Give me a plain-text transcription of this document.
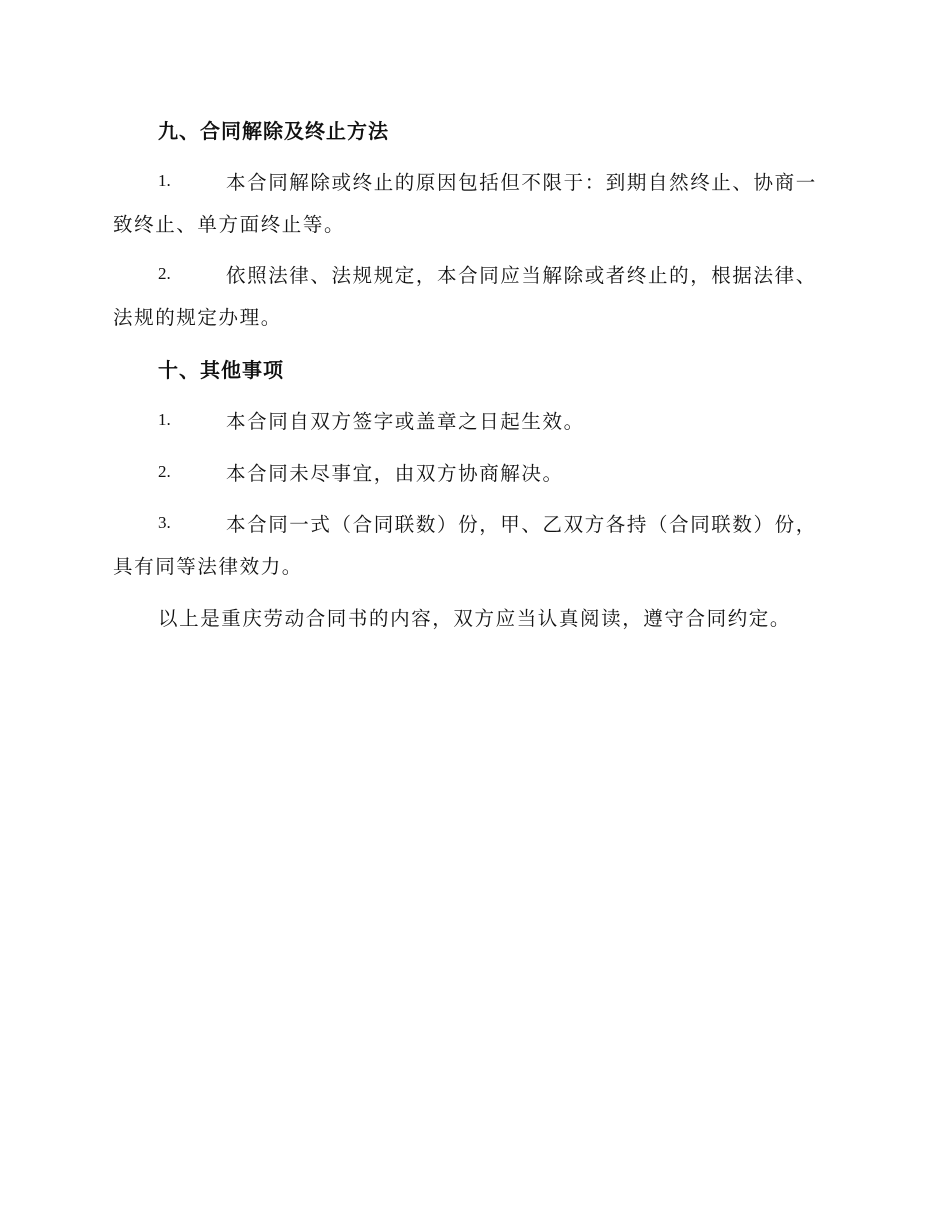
九、合同解除及终止方法
1.	本合同解除或终止的原因包括但不限于：到期自然终止、协商一
致终止、单方面终止等。
2.	依照法律、法规规定，本合同应当解除或者终止的，根据法律、
法规的规定办理。
十、其他事项
1.	本合同自双方签字或盖章之日起生效。
2.	本合同未尽事宜，由双方协商解决。
3.	本合同一式（合同联数）份，甲、乙双方各持（合同联数）份，
具有同等法律效力。
以上是重庆劳动合同书的内容，双方应当认真阅读，遵守合同约定。
